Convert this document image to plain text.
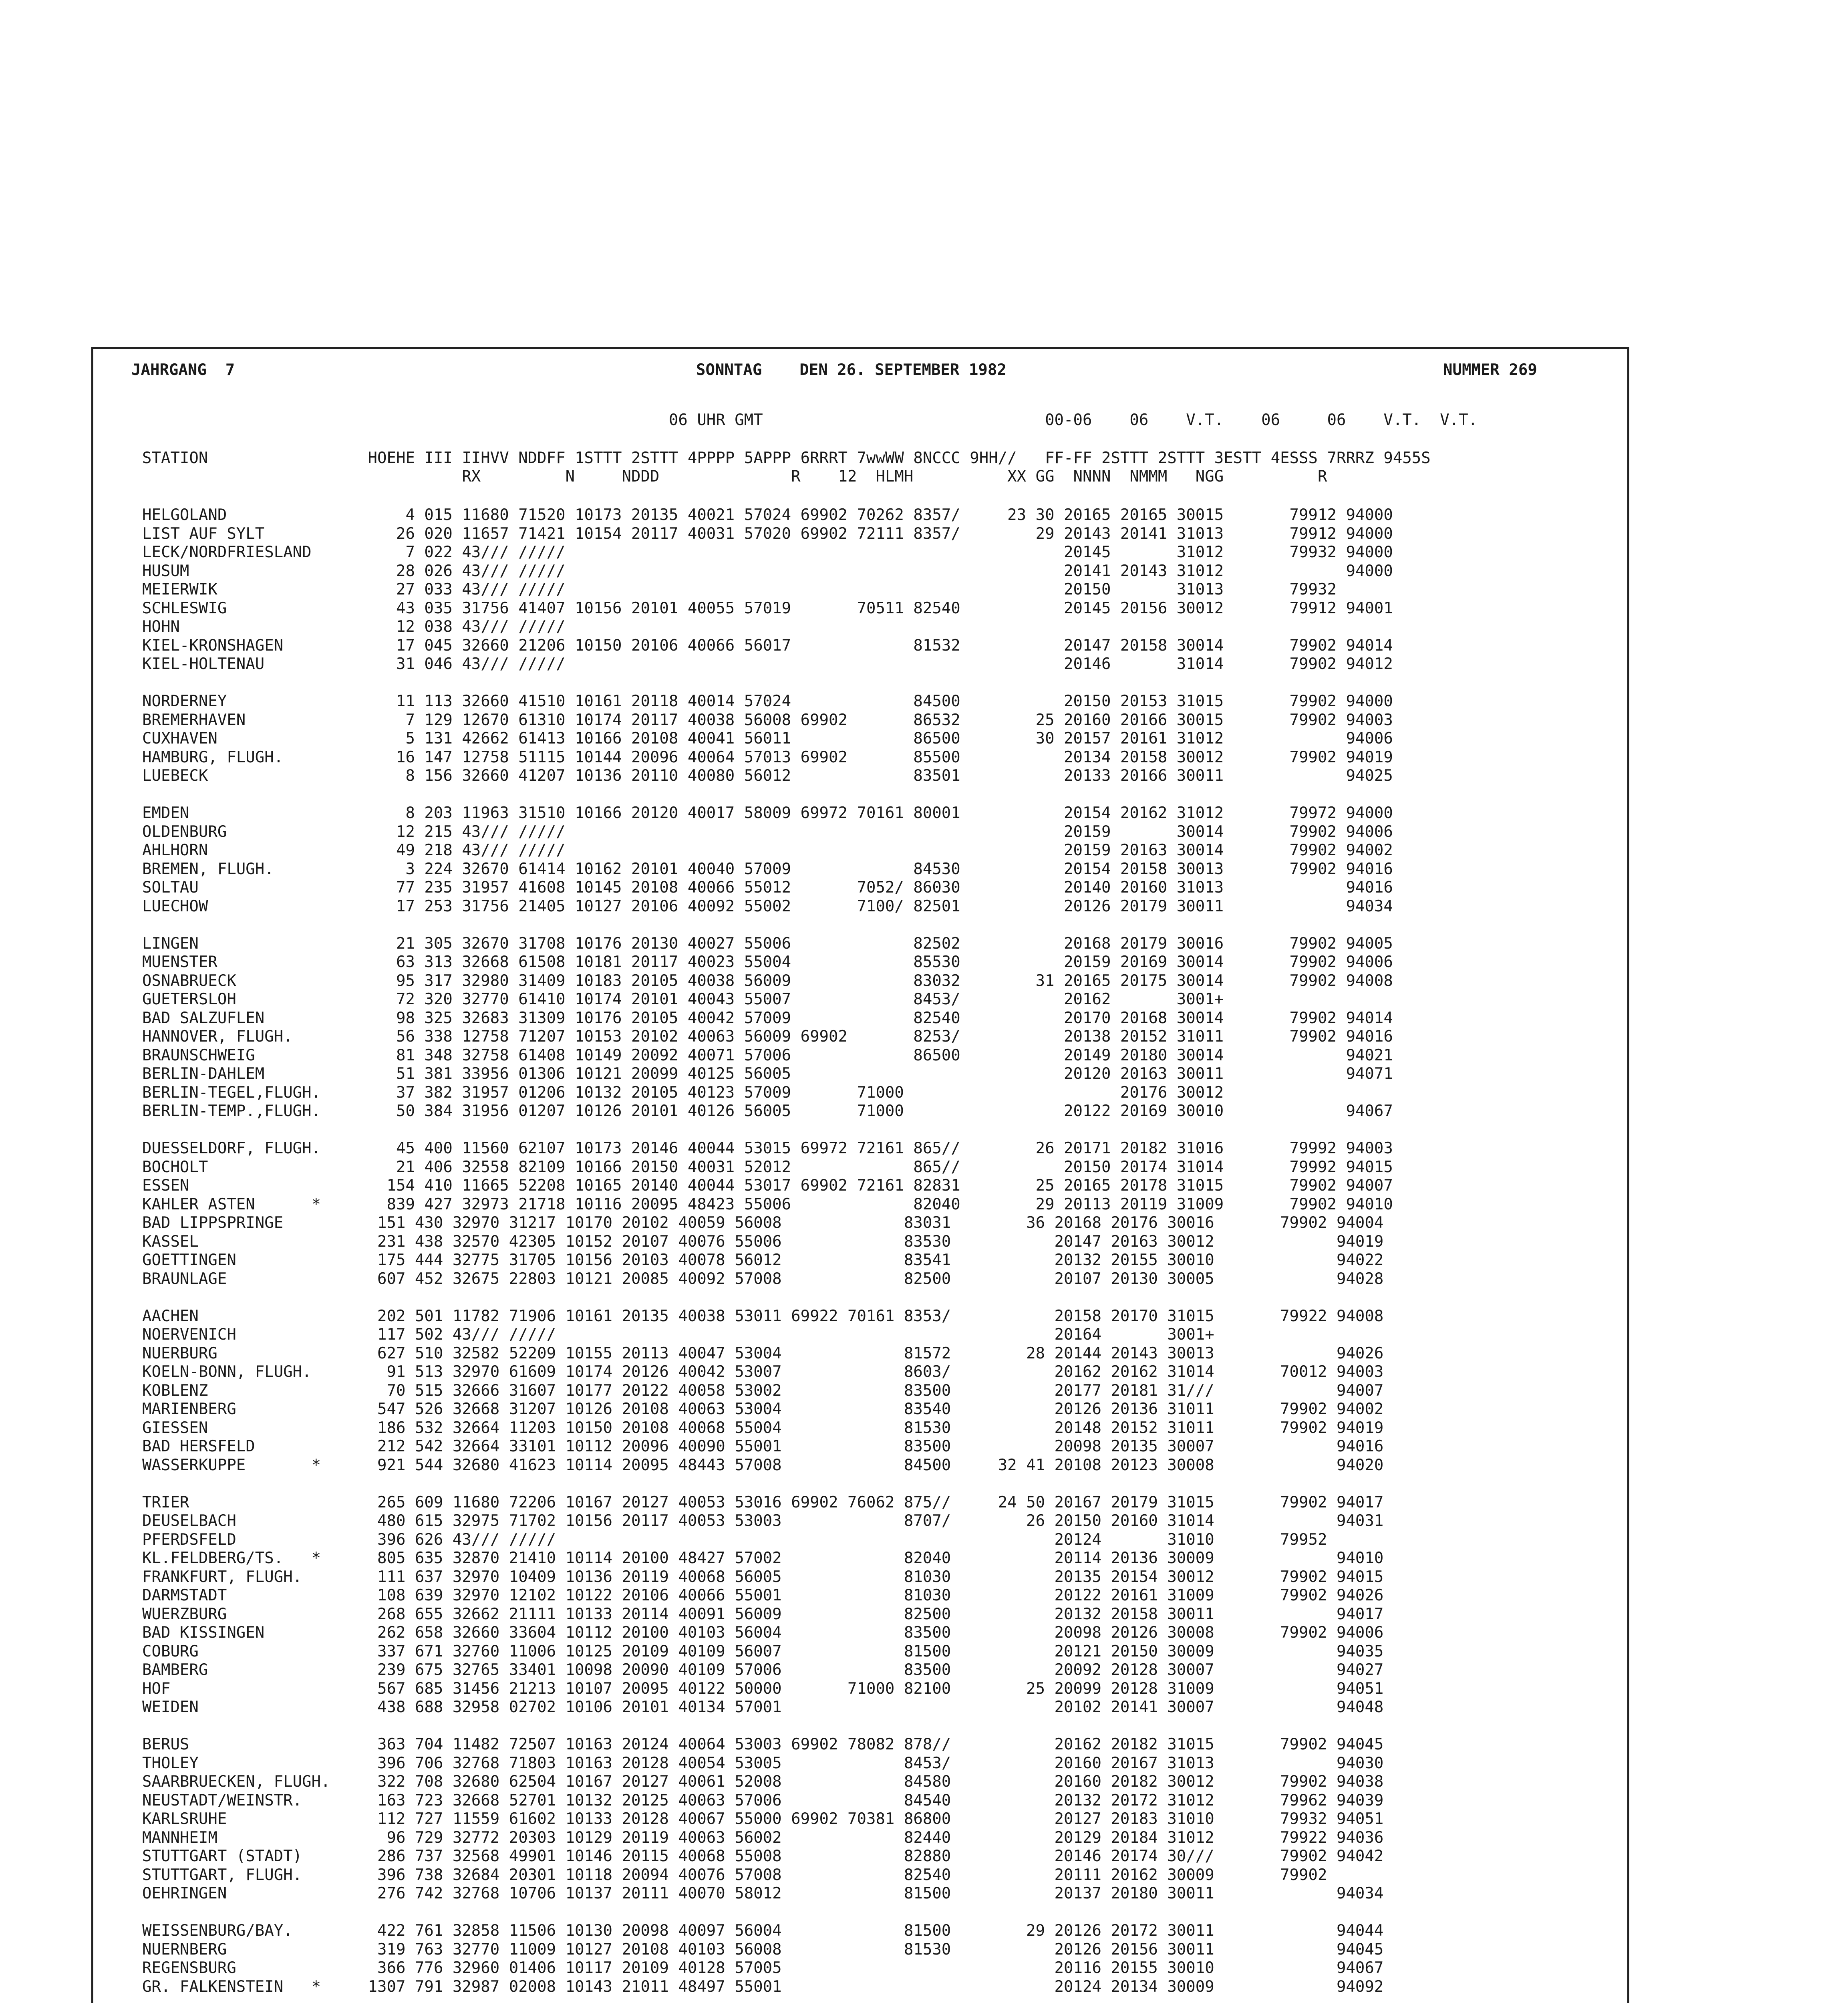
JAHRGANG  7	SONNTAG    DEN 26. SEPTEMBER 1982	NUMMER 269
06 UHR GMT                              00-06    06    V.T.    06     06    V.T.  V.T.
STATION                 HOEHE III IIHVV NDDFF 1STTT 2STTT 4PPPP 5APPP 6RRRT 7wwWW 8NCCC 9HH//   FF-FF 2STTT 2STTT 3ESTT 4ESSS 7RRRZ 9455S
RX         N     NDDD              R    12  HLMH          XX GG  NNNN  NMMM   NGG          R
HELGOLAND                   4 015 11680 71520 10173 20135 40021 57024 69902 70262 8357/     23 30 20165 20165 30015       79912 94000
LIST AUF SYLT              26 020 11657 71421 10154 20117 40031 57020 69902 72111 8357/        29 20143 20141 31013       79912 94000
LECK/NORDFRIESLAND          7 022 43/// /////                                                     20145       31012       79932 94000
HUSUM                      28 026 43/// /////                                                     20141 20143 31012             94000
MEIERWIK                   27 033 43/// /////                                                     20150       31013       79932
SCHLESWIG                  43 035 31756 41407 10156 20101 40055 57019       70511 82540           20145 20156 30012       79912 94001
HOHN                       12 038 43/// /////
KIEL-KRONSHAGEN            17 045 32660 21206 10150 20106 40066 56017             81532           20147 20158 30014       79902 94014
KIEL-HOLTENAU              31 046 43/// /////                                                     20146       31014       79902 94012
NORDERNEY                  11 113 32660 41510 10161 20118 40014 57024             84500           20150 20153 31015       79902 94000
BREMERHAVEN                 7 129 12670 61310 10174 20117 40038 56008 69902       86532        25 20160 20166 30015       79902 94003
CUXHAVEN                    5 131 42662 61413 10166 20108 40041 56011             86500        30 20157 20161 31012             94006
HAMBURG, FLUGH.            16 147 12758 51115 10144 20096 40064 57013 69902       85500           20134 20158 30012       79902 94019
LUEBECK                     8 156 32660 41207 10136 20110 40080 56012             83501           20133 20166 30011             94025
EMDEN                       8 203 11963 31510 10166 20120 40017 58009 69972 70161 80001           20154 20162 31012       79972 94000
OLDENBURG                  12 215 43/// /////                                                     20159       30014       79902 94006
AHLHORN                    49 218 43/// /////                                                     20159 20163 30014       79902 94002
BREMEN, FLUGH.              3 224 32670 61414 10162 20101 40040 57009             84530           20154 20158 30013       79902 94016
SOLTAU                     77 235 31957 41608 10145 20108 40066 55012       7052/ 86030           20140 20160 31013             94016
LUECHOW                    17 253 31756 21405 10127 20106 40092 55002       7100/ 82501           20126 20179 30011             94034
LINGEN                     21 305 32670 31708 10176 20130 40027 55006             82502           20168 20179 30016       79902 94005
MUENSTER                   63 313 32668 61508 10181 20117 40023 55004             85530           20159 20169 30014       79902 94006
OSNABRUECK                 95 317 32980 31409 10183 20105 40038 56009             83032        31 20165 20175 30014       79902 94008
GUETERSLOH                 72 320 32770 61410 10174 20101 40043 55007             8453/           20162       3001+
BAD SALZUFLEN              98 325 32683 31309 10176 20105 40042 57009             82540           20170 20168 30014       79902 94014
HANNOVER, FLUGH.           56 338 12758 71207 10153 20102 40063 56009 69902       8253/           20138 20152 31011       79902 94016
BRAUNSCHWEIG               81 348 32758 61408 10149 20092 40071 57006             86500           20149 20180 30014             94021
BERLIN-DAHLEM              51 381 33956 01306 10121 20099 40125 56005                             20120 20163 30011             94071
BERLIN-TEGEL,FLUGH.        37 382 31957 01206 10132 20105 40123 57009       71000                       20176 30012
BERLIN-TEMP.,FLUGH.        50 384 31956 01207 10126 20101 40126 56005       71000                 20122 20169 30010             94067
DUESSELDORF, FLUGH.        45 400 11560 62107 10173 20146 40044 53015 69972 72161 865//        26 20171 20182 31016       79992 94003
BOCHOLT                    21 406 32558 82109 10166 20150 40031 52012             865//           20150 20174 31014       79992 94015
ESSEN                     154 410 11665 52208 10165 20140 40044 53017 69902 72161 82831        25 20165 20178 31015       79902 94007
KAHLER ASTEN      *       839 427 32973 21718 10116 20095 48423 55006             82040        29 20113 20119 31009       79902 94010
BAD LIPPSPRINGE          151 430 32970 31217 10170 20102 40059 56008             83031        36 20168 20176 30016       79902 94004
KASSEL                   231 438 32570 42305 10152 20107 40076 55006             83530           20147 20163 30012             94019
GOETTINGEN               175 444 32775 31705 10156 20103 40078 56012             83541           20132 20155 30010             94022
BRAUNLAGE                607 452 32675 22803 10121 20085 40092 57008             82500           20107 20130 30005             94028
AACHEN                   202 501 11782 71906 10161 20135 40038 53011 69922 70161 8353/           20158 20170 31015       79922 94008
NOERVENICH               117 502 43/// /////                                                     20164       3001+
NUERBURG                 627 510 32582 52209 10155 20113 40047 53004             81572        28 20144 20143 30013             94026
KOELN-BONN, FLUGH.        91 513 32970 61609 10174 20126 40042 53007             8603/           20162 20162 31014       70012 94003
KOBLENZ                   70 515 32666 31607 10177 20122 40058 53002             83500           20177 20181 31///             94007
MARIENBERG               547 526 32668 31207 10126 20108 40063 53004             83540           20126 20136 31011       79902 94002
GIESSEN                  186 532 32664 11203 10150 20108 40068 55004             81530           20148 20152 31011       79902 94019
BAD HERSFELD             212 542 32664 33101 10112 20096 40090 55001             83500           20098 20135 30007             94016
WASSERKUPPE       *      921 544 32680 41623 10114 20095 48443 57008             84500     32 41 20108 20123 30008             94020
TRIER                    265 609 11680 72206 10167 20127 40053 53016 69902 76062 875//     24 50 20167 20179 31015       79902 94017
DEUSELBACH               480 615 32975 71702 10156 20117 40053 53003             8707/        26 20150 20160 31014             94031
PFERDSFELD               396 626 43/// /////                                                     20124       31010       79952
KL.FELDBERG/TS.   *      805 635 32870 21410 10114 20100 48427 57002             82040           20114 20136 30009             94010
FRANKFURT, FLUGH.        111 637 32970 10409 10136 20119 40068 56005             81030           20135 20154 30012       79902 94015
DARMSTADT                108 639 32970 12102 10122 20106 40066 55001             81030           20122 20161 31009       79902 94026
WUERZBURG                268 655 32662 21111 10133 20114 40091 56009             82500           20132 20158 30011             94017
BAD KISSINGEN            262 658 32660 33604 10112 20100 40103 56004             83500           20098 20126 30008       79902 94006
COBURG                   337 671 32760 11006 10125 20109 40109 56007             81500           20121 20150 30009             94035
BAMBERG                  239 675 32765 33401 10098 20090 40109 57006             83500           20092 20128 30007             94027
HOF                      567 685 31456 21213 10107 20095 40122 50000       71000 82100        25 20099 20128 31009             94051
WEIDEN                   438 688 32958 02702 10106 20101 40134 57001                             20102 20141 30007             94048
BERUS                    363 704 11482 72507 10163 20124 40064 53003 69902 78082 878//           20162 20182 31015       79902 94045
THOLEY                   396 706 32768 71803 10163 20128 40054 53005             8453/           20160 20167 31013             94030
SAARBRUECKEN, FLUGH.     322 708 32680 62504 10167 20127 40061 52008             84580           20160 20182 30012       79902 94038
NEUSTADT/WEINSTR.        163 723 32668 52701 10132 20125 40063 57006             84540           20132 20172 31012       79962 94039
KARLSRUHE                112 727 11559 61602 10133 20128 40067 55000 69902 70381 86800           20127 20183 31010       79932 94051
MANNHEIM                  96 729 32772 20303 10129 20119 40063 56002             82440           20129 20184 31012       79922 94036
STUTTGART (STADT)        286 737 32568 49901 10146 20115 40068 55008             82880           20146 20174 30///       79902 94042
STUTTGART, FLUGH.        396 738 32684 20301 10118 20094 40076 57008             82540           20111 20162 30009       79902
OEHRINGEN                276 742 32768 10706 10137 20111 40070 58012             81500           20137 20180 30011             94034
WEISSENBURG/BAY.         422 761 32858 11506 10130 20098 40097 56004             81500        29 20126 20172 30011             94044
NUERNBERG                319 763 32770 11009 10127 20108 40103 56008             81530           20126 20156 30011             94045
REGENSBURG               366 776 32960 01406 10117 20109 40128 57005                             20116 20155 30010             94067
GR. FALKENSTEIN   *     1307 791 32987 02008 10143 21011 48497 55001                             20124 20134 30009             94092
